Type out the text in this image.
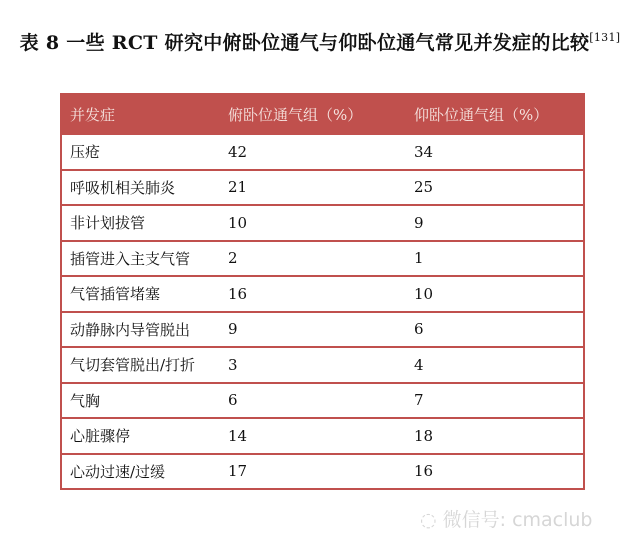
表 8 一些 RCT 研究中俯卧位通气与仰卧位通气常见并发症的比较[131]
并发症	俯卧位通气组（%）	仰卧位通气组（%）
压疮	42	34
呼吸机相关肺炎	21	25
非计划拔管	10	9
插管进入主支气管	2	1
气管插管堵塞	16	10
动静脉内导管脱出	9	6
气切套管脱出/打折	3	4
气胸	6	7
心脏骤停	14	18
心动过速/过缓	17	16
◌ 微信号: cmaclub
